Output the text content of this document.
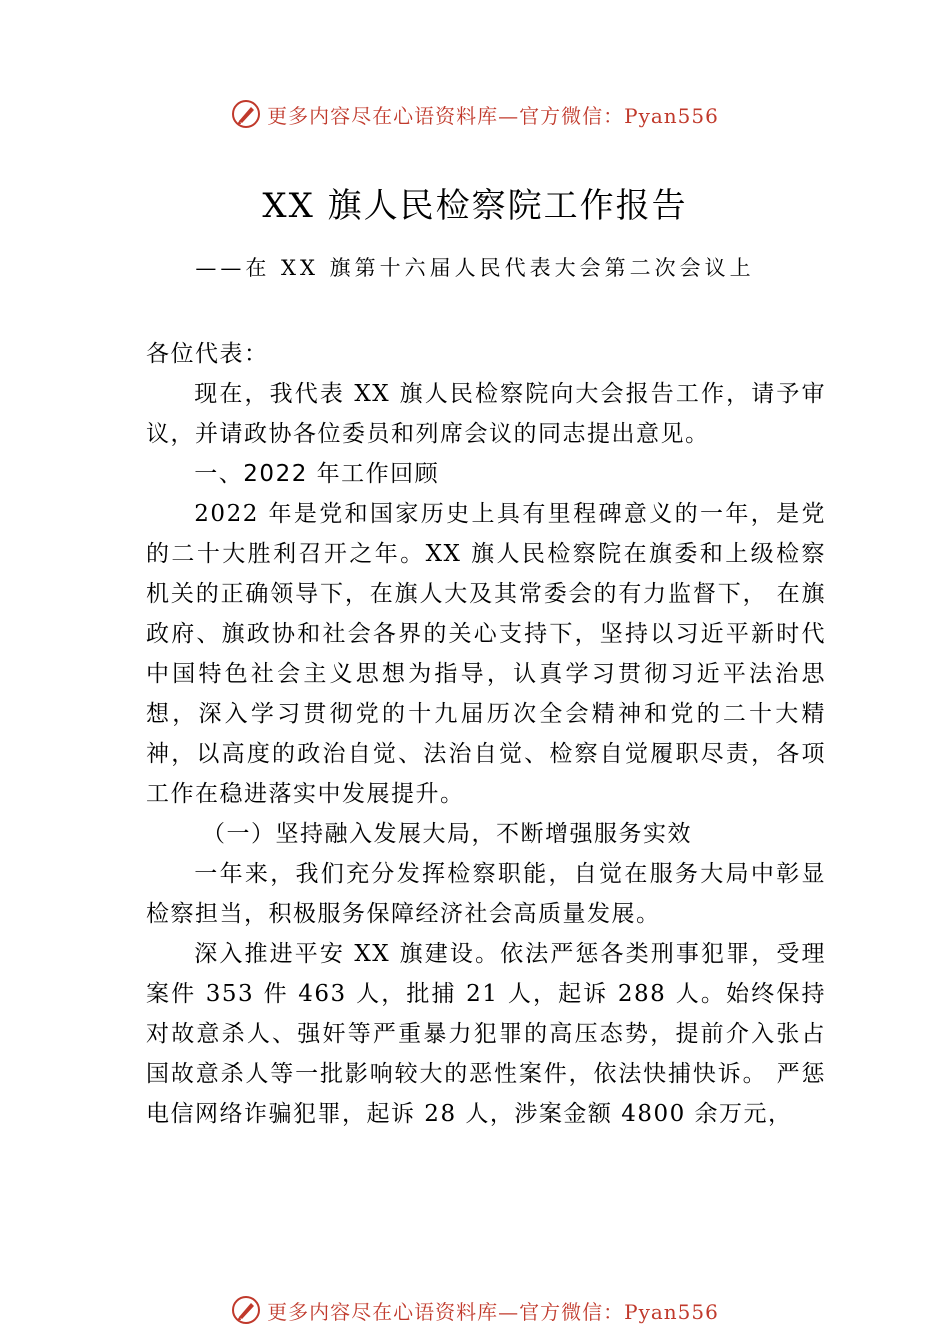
更多内容尽在心语资料库—官方微信：Pyan556
XX 旗人民检察院工作报告
——在 XX 旗第十六届人民代表大会第二次会议上
各位代表：

现在，我代表 XX 旗人民检察院向大会报告工作，请予审议，并请政协各位委员和列席会议的同志提出意见。

一、2022 年工作回顾

2022 年是党和国家历史上具有里程碑意义的一年，是党的二十大胜利召开之年。XX 旗人民检察院在旗委和上级检察机关的正确领导下，在旗人大及其常委会的有力监督下， 在旗政府、旗政协和社会各界的关心支持下，坚持以习近平新时代中国特色社会主义思想为指导，认真学习贯彻习近平法治思想，深入学习贯彻党的十九届历次全会精神和党的二十大精神，以高度的政治自觉、法治自觉、检察自觉履职尽责，各项工作在稳进落实中发展提升。

（一）坚持融入发展大局，不断增强服务实效

一年来，我们充分发挥检察职能，自觉在服务大局中彰显检察担当，积极服务保障经济社会高质量发展。

深入推进平安 XX 旗建设。依法严惩各类刑事犯罪，受理案件 353 件 463 人，批捕 21 人，起诉 288 人。始终保持对故意杀人、强奸等严重暴力犯罪的高压态势，提前介入张占国故意杀人等一批影响较大的恶性案件，依法快捕快诉。 严惩电信网络诈骗犯罪，起诉 28 人，涉案金额 4800 余万元，

更多内容尽在心语资料库—官方微信：Pyan556
